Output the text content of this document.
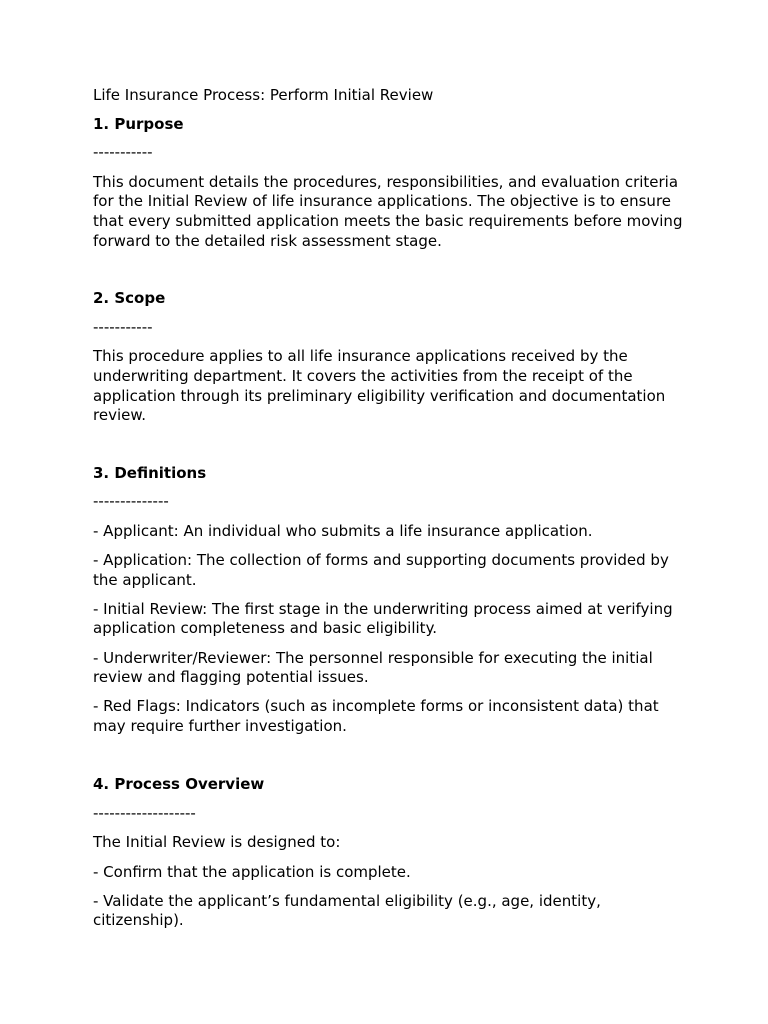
Life Insurance Process: Perform Initial Review
1. Purpose
-----------
This document details the procedures, responsibilities, and evaluation criteria for the Initial Review of life insurance applications. The objective is to ensure that every submitted application meets the basic requirements before moving forward to the detailed risk assessment stage.
2. Scope
-----------
This procedure applies to all life insurance applications received by the underwriting department. It covers the activities from the receipt of the application through its preliminary eligibility verification and documentation review.
3. Definitions
--------------
- Applicant: An individual who submits a life insurance application.
- Application: The collection of forms and supporting documents provided by the applicant.
- Initial Review: The first stage in the underwriting process aimed at verifying application completeness and basic eligibility.
- Underwriter/Reviewer: The personnel responsible for executing the initial review and flagging potential issues.
- Red Flags: Indicators (such as incomplete forms or inconsistent data) that may require further investigation.
4. Process Overview
-------------------
The Initial Review is designed to:
- Confirm that the application is complete.
- Validate the applicant’s fundamental eligibility (e.g., age, identity, citizenship).
